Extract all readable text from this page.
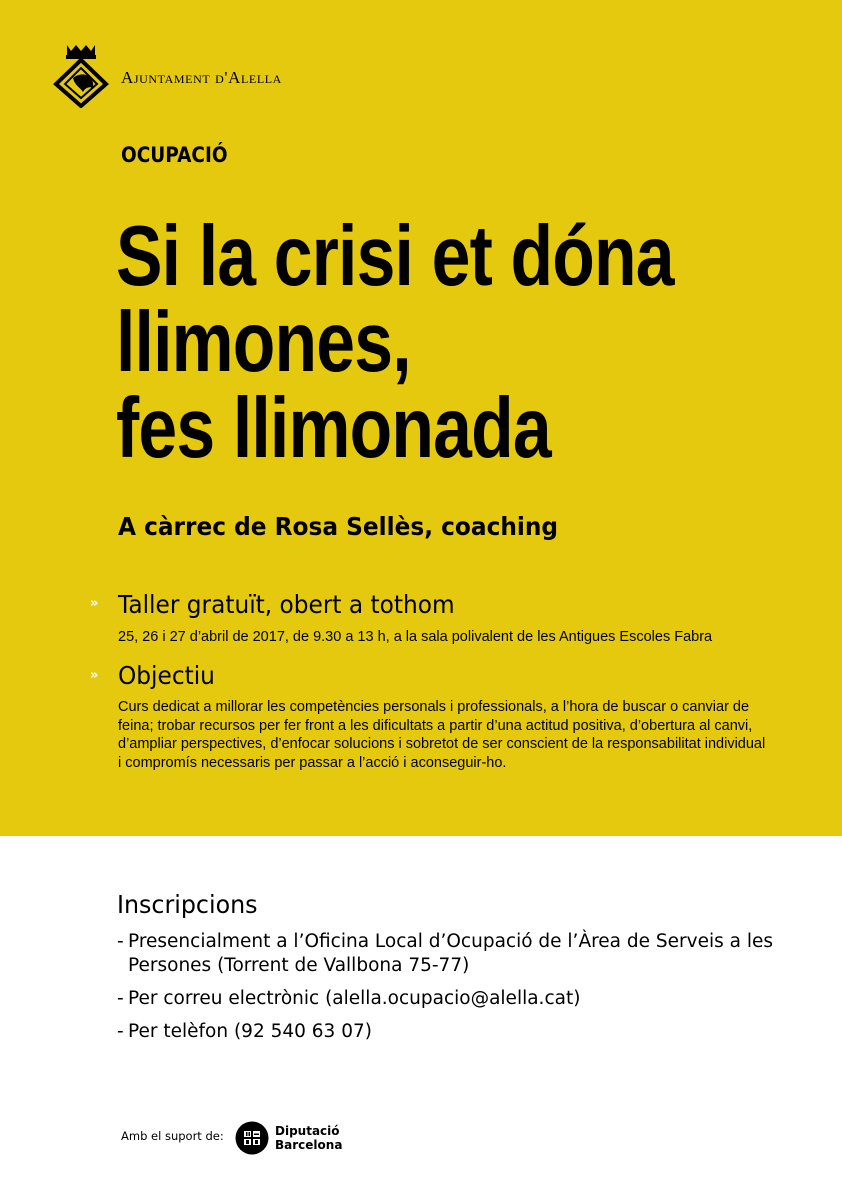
Ajuntament d'Alella
OCUPACIÓ
Si la crisi et dóna
llimones,
fes llimonada
A càrrec de Rosa Sellès, coaching
» Taller gratuït, obert a tothom
25, 26 i 27 d’abril de 2017, de 9.30 a 13 h, a la sala polivalent de les Antigues Escoles Fabra
» Objectiu
Curs dedicat a millorar les competències personals i professionals, a l’hora de buscar o canviar de feina; trobar recursos per fer front a les dificultats a partir d’una actitud positiva, d’obertura al canvi, d’ampliar perspectives, d’enfocar solucions i sobretot de ser conscient de la responsabilitat individual i compromís necessaris per passar a l’acció i aconseguir-ho.
Inscripcions
- Presencialment a l’Oficina Local d’Ocupació de l’Àrea de Serveis a les Persones (Torrent de Vallbona 75-77)
- Per correu electrònic (alella.ocupacio@alella.cat)
- Per telèfon (92 540 63 07)
Amb el suport de:	Diputació
Barcelona
